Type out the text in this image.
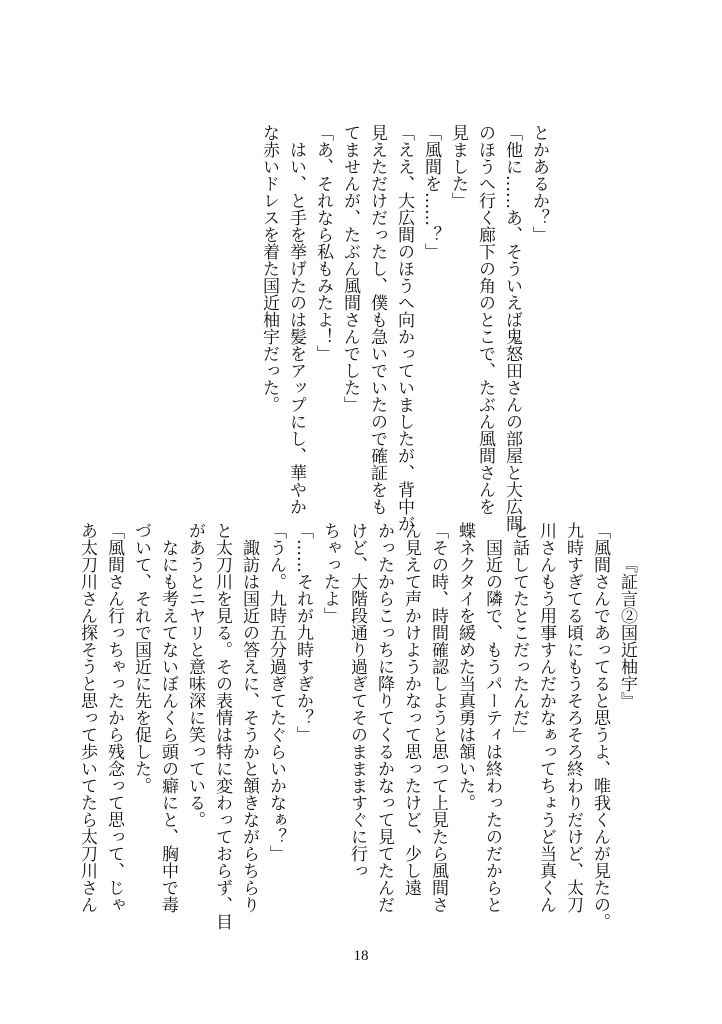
とかあるか？」
「他に……あ、そういえば鬼怒田さんの部屋と大広間
のほうへ行く廊下の角のとこで、たぶん風間さんを
見ました」
「風間を……？」
「ええ、大広間のほうへ向かっていましたが、背中が
見えただけだったし、僕も急いでいたので確証をも
てませんが、たぶん風間さんでした」
「あ、それなら私もみたよ！」
はい、と手を挙げたのは髪をアップにし、華やか
な赤いドレスを着た国近柚宇だった。
『証言②国近柚宇』
「風間さんであってると思うよ、唯我くんが見たの。
九時すぎてる頃にもうそろそろ終わりだけど、太刀
川さんもう用事すんだかなぁってちょうど当真くん
と話してたとこだったんだ」
国近の隣で、もうパーティは終わったのだからと
蝶ネクタイを緩めた当真勇は頷いた。
「その時、時間確認しようと思って上見たら風間さ
ん見えて声かけようかなって思ったけど、少し遠
かったからこっちに降りてくるかなって見てたんだ
けど、大階段通り過ぎてそのままますぐに行っ
ちゃったよ」
「……それが九時すぎか？」
「うん。九時五分過ぎてたぐらいかなぁ？」
諏訪は国近の答えに、そうかと頷きながらちらり
と太刀川を見る。その表情は特に変わっておらず、目
があうとニヤリと意味深に笑っている。
なにも考えてないぼんくら頭の癖にと、胸中で毒
づいて、それで国近に先を促した。
「風間さん行っちゃったから残念って思って、じゃ
あ太刀川さん探そうと思って歩いてたら太刀川さん
18
